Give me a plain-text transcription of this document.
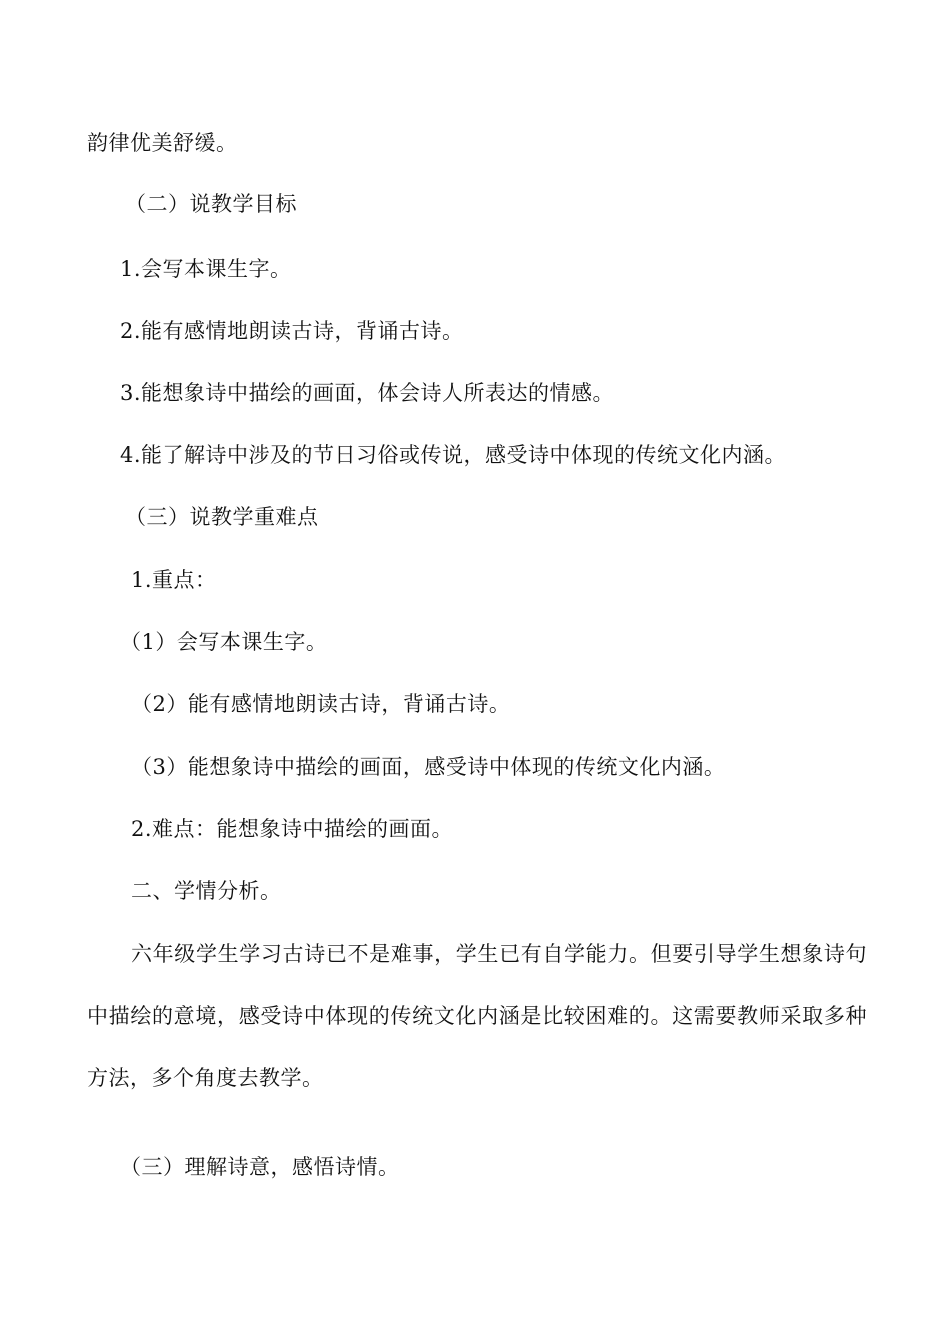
韵律优美舒缓。

（二）说教学目标

1.会写本课生字。

2.能有感情地朗读古诗，背诵古诗。

3.能想象诗中描绘的画面，体会诗人所表达的情感。

4.能了解诗中涉及的节日习俗或传说，感受诗中体现的传统文化内涵。

（三）说教学重难点

1.重点：

（1）会写本课生字。

（2）能有感情地朗读古诗，背诵古诗。

（3）能想象诗中描绘的画面，感受诗中体现的传统文化内涵。

2.难点：能想象诗中描绘的画面。

二、学情分析。

六年级学生学习古诗已不是难事，学生已有自学能力。但要引导学生想象诗句中描绘的意境，感受诗中体现的传统文化内涵是比较困难的。这需要教师采取多种方法，多个角度去教学。

（三）理解诗意，感悟诗情。
